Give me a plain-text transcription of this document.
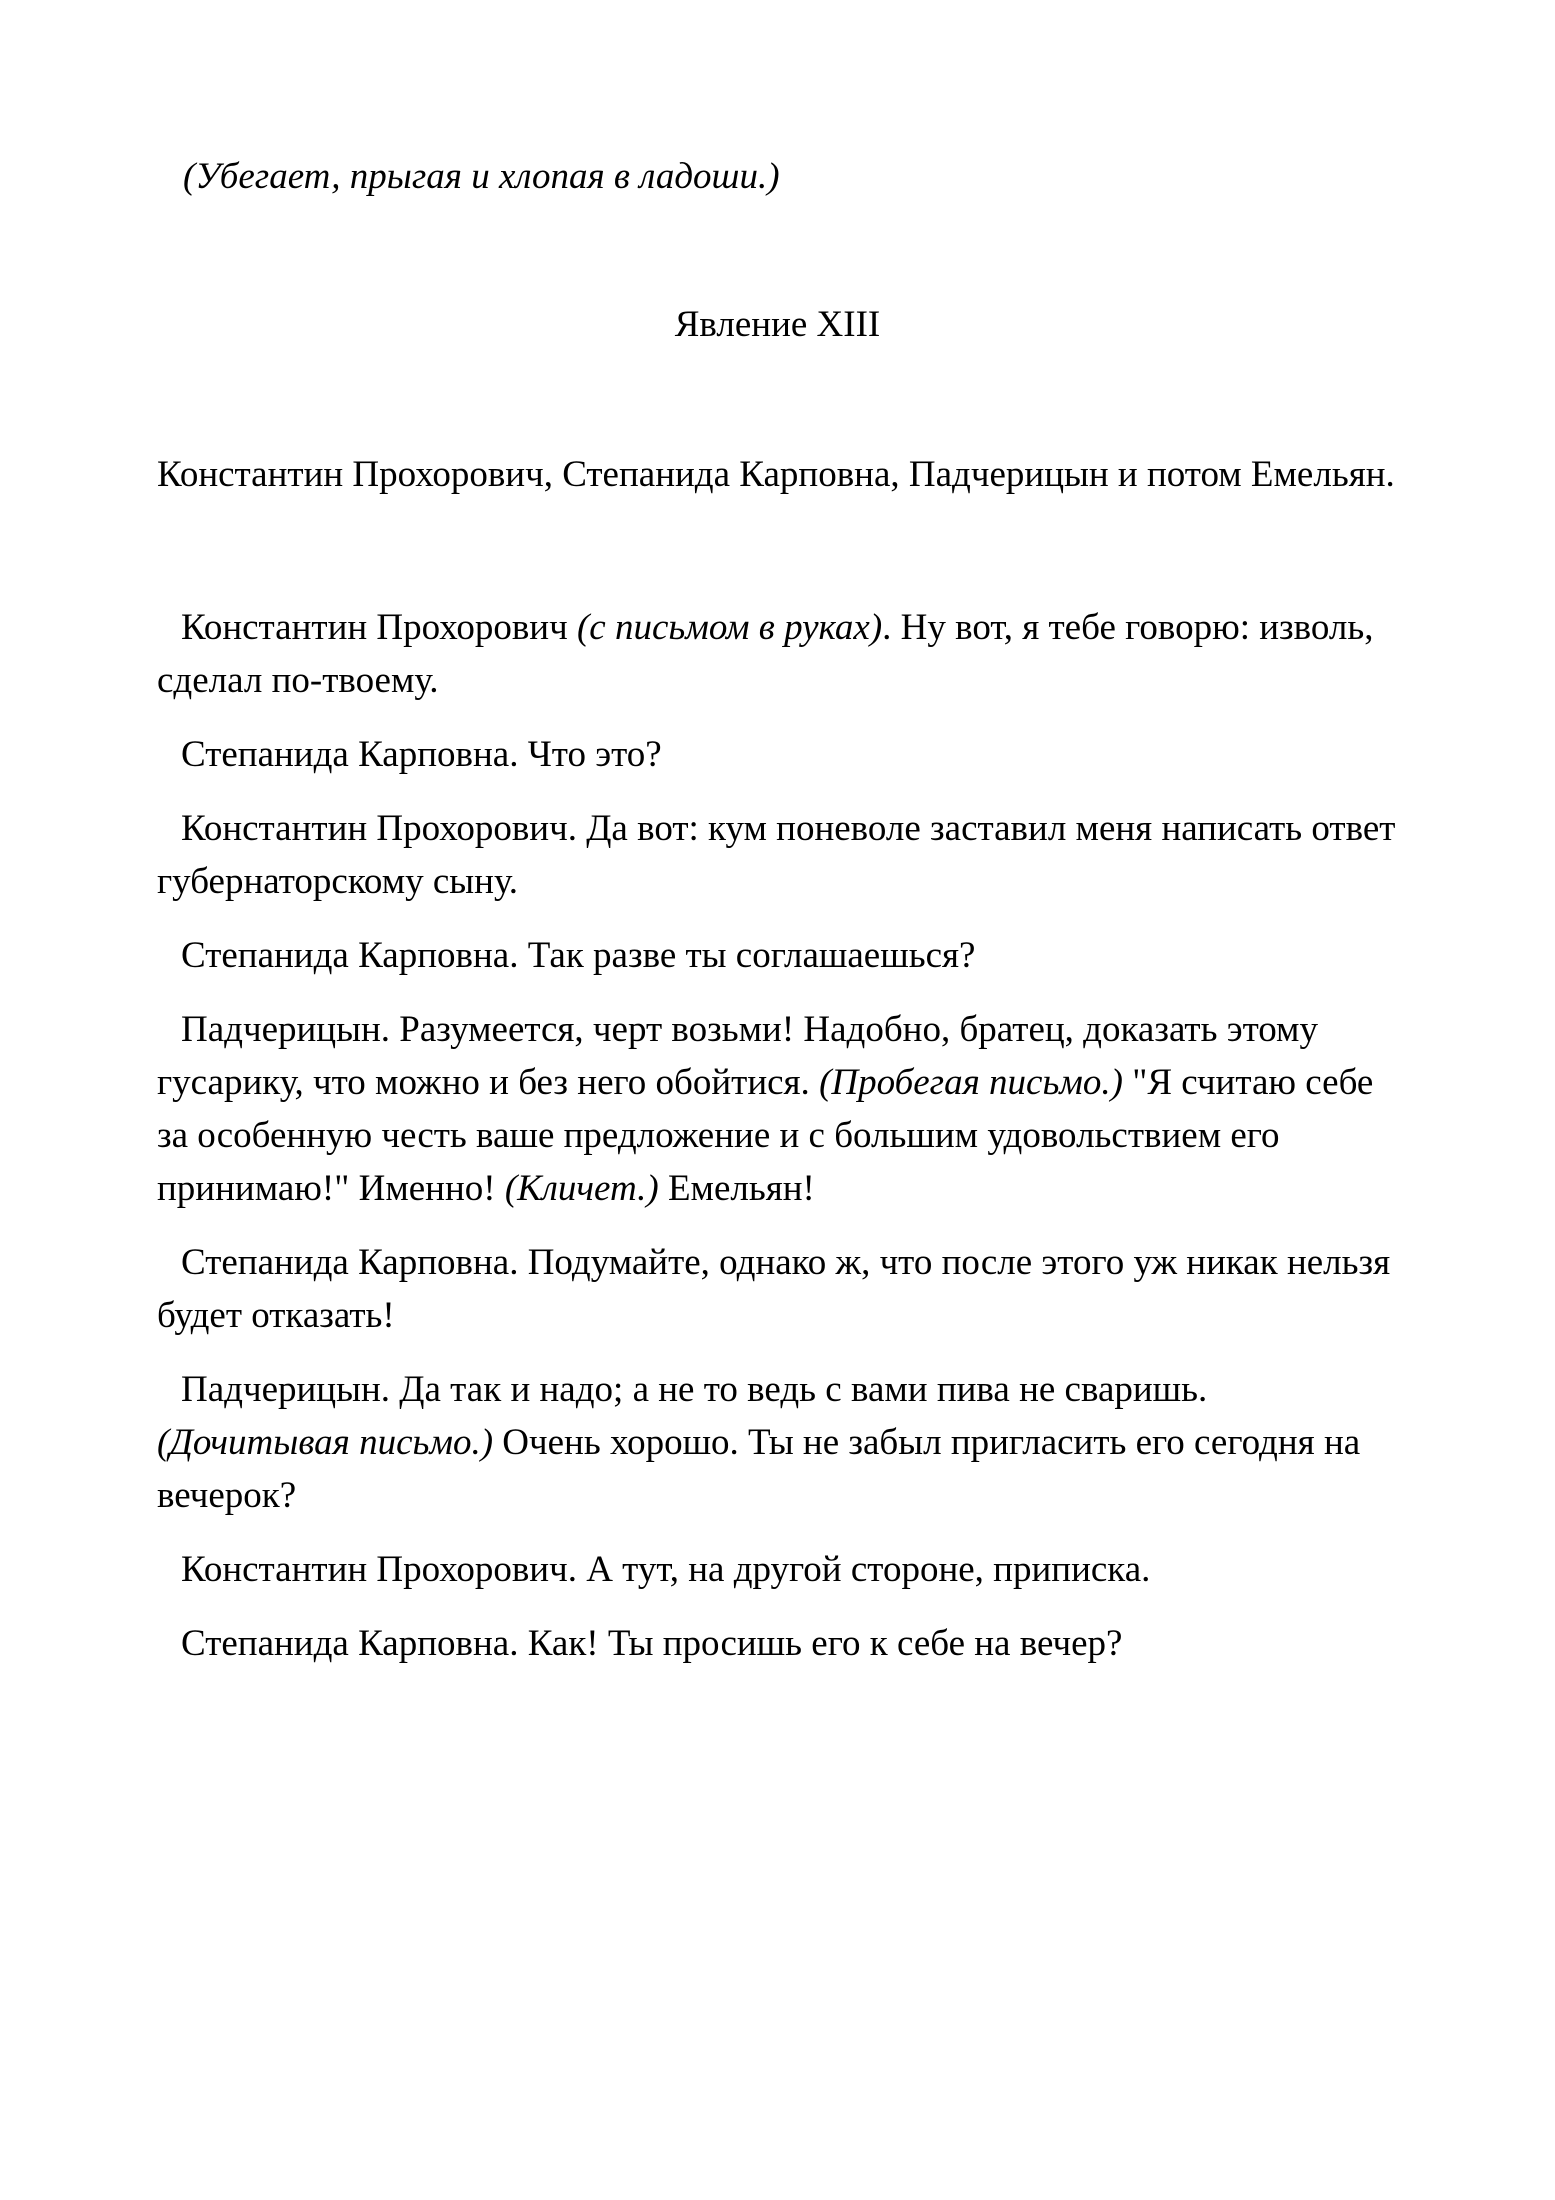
(Убегает, прыгая и хлопая в ладоши.)

Явление XIII

Константин Прохорович, Степанида Карповна, Падчерицын и потом Емельян.

Константин Прохорович (с письмом в руках). Ну вот, я тебе говорю: изволь, сделал по-твоему.

Степанида Карповна. Что это?

Константин Прохорович. Да вот: кум поневоле заставил меня написать ответ губернаторскому сыну.

Степанида Карповна. Так разве ты соглашаешься?

Падчерицын. Разумеется, черт возьми! Надобно, братец, доказать этому гусарику, что можно и без него обойтися. (Пробегая письмо.) "Я считаю себе за особенную честь ваше предложение и с большим удовольствием его принимаю!" Именно! (Кличет.) Емельян!

Степанида Карповна. Подумайте, однако ж, что после этого уж никак нельзя будет отказать!

Падчерицын. Да так и надо; а не то ведь с вами пива не сваришь. (Дочитывая письмо.) Очень хорошо. Ты не забыл пригласить его сегодня на вечерок?

Константин Прохорович. А тут, на другой стороне, приписка.

Степанида Карповна. Как! Ты просишь его к себе на вечер?
